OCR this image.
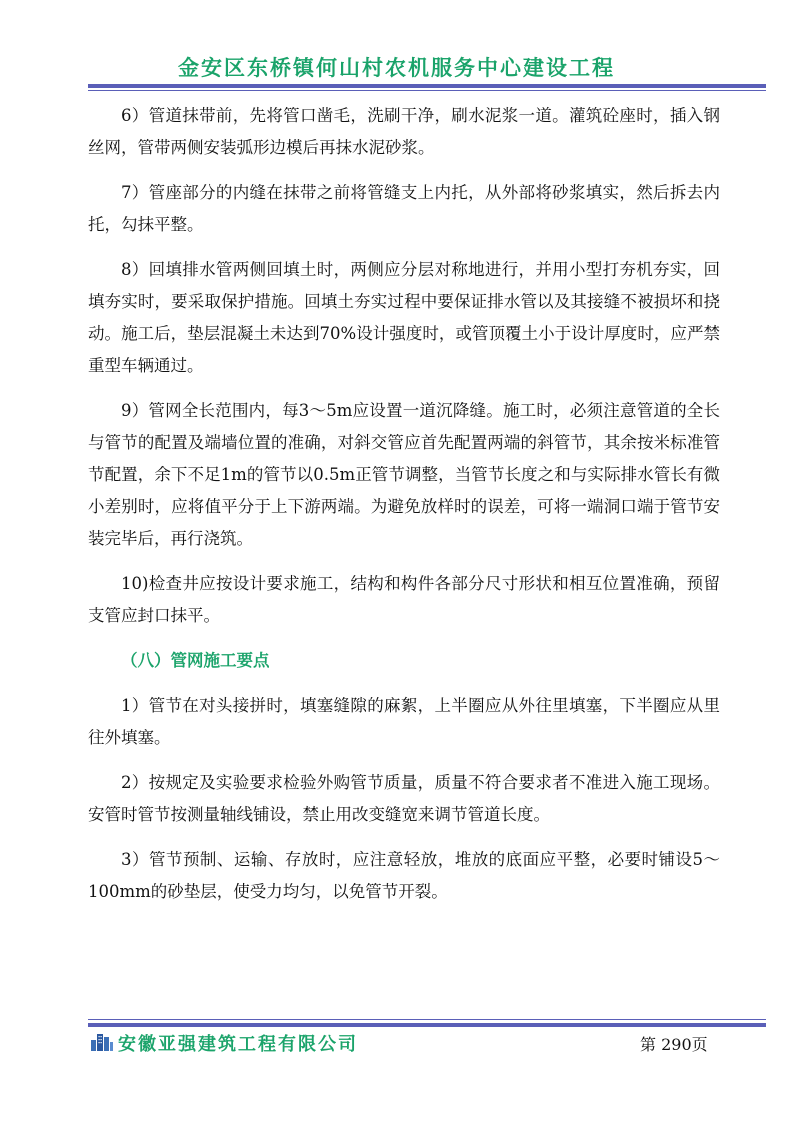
金安区东桥镇何山村农机服务中心建设工程

6）管道抹带前，先将管口凿毛，洗刷干净，刷水泥浆一道。灌筑砼座时，插入钢丝网，管带两侧安装弧形边模后再抹水泥砂浆。

7）管座部分的内缝在抹带之前将管缝支上内托，从外部将砂浆填实，然后拆去内托，勾抹平整。

8）回填排水管两侧回填土时，两侧应分层对称地进行，并用小型打夯机夯实，回填夯实时，要采取保护措施。回填土夯实过程中要保证排水管以及其接缝不被损坏和挠动。施工后，垫层混凝土未达到70%设计强度时，或管顶覆土小于设计厚度时，应严禁重型车辆通过。

9）管网全长范围内，每3～5m应设置一道沉降缝。施工时，必须注意管道的全长与管节的配置及端墙位置的准确，对斜交管应首先配置两端的斜管节，其余按米标准管节配置，余下不足1m的管节以0.5m正管节调整，当管节长度之和与实际排水管长有微小差别时，应将值平分于上下游两端。为避免放样时的误差，可将一端洞口端于管节安装完毕后，再行浇筑。

10)检查井应按设计要求施工，结构和构件各部分尺寸形状和相互位置准确，预留支管应封口抹平。

（八）管网施工要点

1）管节在对头接拼时，填塞缝隙的麻絮，上半圈应从外往里填塞，下半圈应从里往外填塞。

2）按规定及实验要求检验外购管节质量，质量不符合要求者不准进入施工现场。安管时管节按测量轴线铺设，禁止用改变缝宽来调节管道长度。

3）管节预制、运输、存放时，应注意轻放，堆放的底面应平整，必要时铺设5～100mm的砂垫层，使受力均匀，以免管节开裂。

安徽亚强建筑工程有限公司	第 290页
